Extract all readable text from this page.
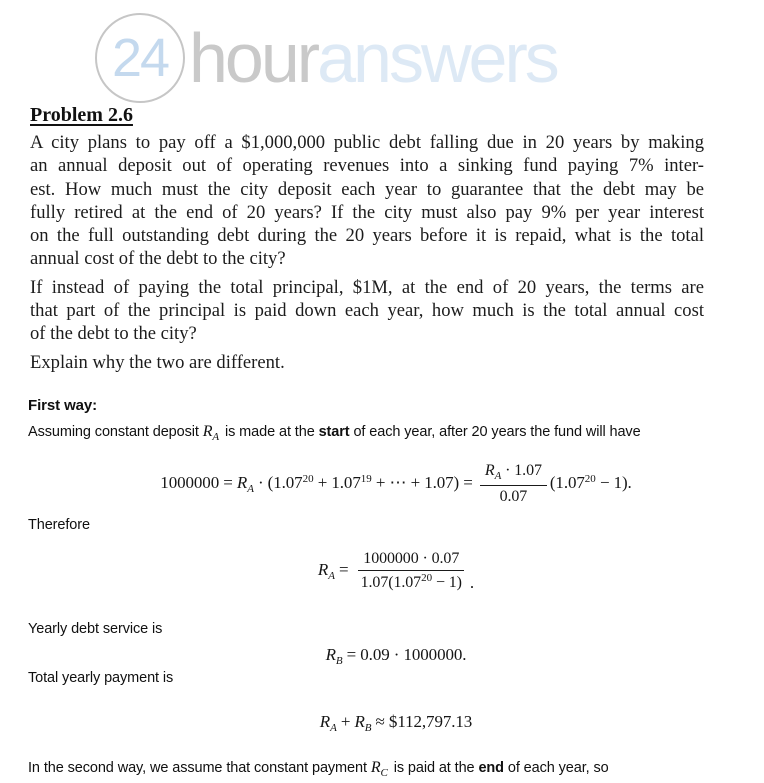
24 hour answers
Problem 2.6
A city plans to pay off a $1,000,000 public debt falling due in 20 years by making
an annual deposit out of operating revenues into a sinking fund paying 7% inter-
est. How much must the city deposit each year to guarantee that the debt may be
fully retired at the end of 20 years? If the city must also pay 9% per year interest
on the full outstanding debt during the 20 years before it is repaid, what is the total
annual cost of the debt to the city?
If instead of paying the total principal, $1M, at the end of 20 years, the terms are
that part of the principal is paid down each year, how much is the total annual cost
of the debt to the city?
Explain why the two are different.
First way:
Assuming constant deposit $R_A$ is made at the start of each year, after 20 years the fund will have
$1000000 = R_A \cdot (1.07^{20} + 1.07^{19}$ + ⋯ + $1.07) = \frac{R_A \cdot 1.07}{0.07} (1.07^{20} - 1)$.
Therefore
$R_A = \frac{1000000 \cdot 0.07}{1.07(1.07^{20} - 1)}$ .
Yearly debt service is
$R_B = 0.09 \cdot 1000000$.
Total yearly payment is
$R_A + R_B$ ≈ $112,797.13
In the second way, we assume that constant payment $R_C$ is paid at the end of each year, so
